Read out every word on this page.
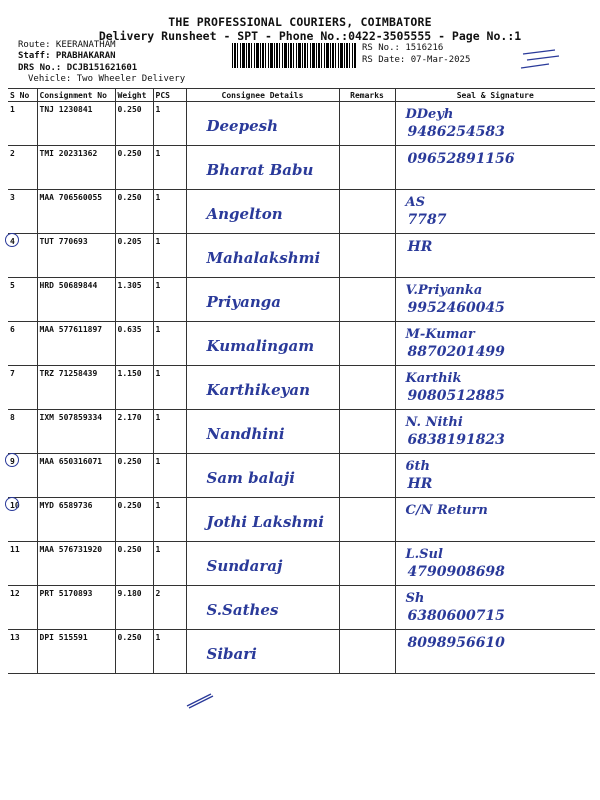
THE PROFESSIONAL COURIERS, COIMBATORE
Delivery Runsheet - SPT - Phone No.:0422-3505555 - Page No.:1
Route: KEERANATHAM
Staff: PRABHAKARAN
DRS No.: DCJB151621601
Vehicle: Two Wheeler Delivery
RS No.: 1516216
RS Date: 07-Mar-2025
S No	Consignment No	Weight	PCS	Consignee Details	Remarks	Seal & Signature
1	TNJ 1230841	0.250	1	Deepesh		DDeyh
9486254583

2	TMI 20231362	0.250	1	Bharat Babu		09652891156

3	MAA 706560055	0.250	1	Angelton		AS
7787

4	TUT 770693	0.205	1	Mahalakshmi		HR

5	HRD 50689844	1.305	1	Priyanga		V.Priyanka
9952460045

6	MAA 577611897	0.635	1	Kumalingam		M-Kumar
8870201499

7	TRZ 71258439	1.150	1	Karthikeyan		Karthik
9080512885

8	IXM 507859334	2.170	1	Nandhini		N. Nithi
6838191823

9	MAA 650316071	0.250	1	Sam balaji		6th
HR

10	MYD 6589736	0.250	1	Jothi Lakshmi		C/N Return

11	MAA 576731920	0.250	1	Sundaraj		L.Sul
4790908698

12	PRT 5170893	9.180	2	S.Sathes		Sh
6380600715

13	DPI 515591	0.250	1	Sibari		8098956610
